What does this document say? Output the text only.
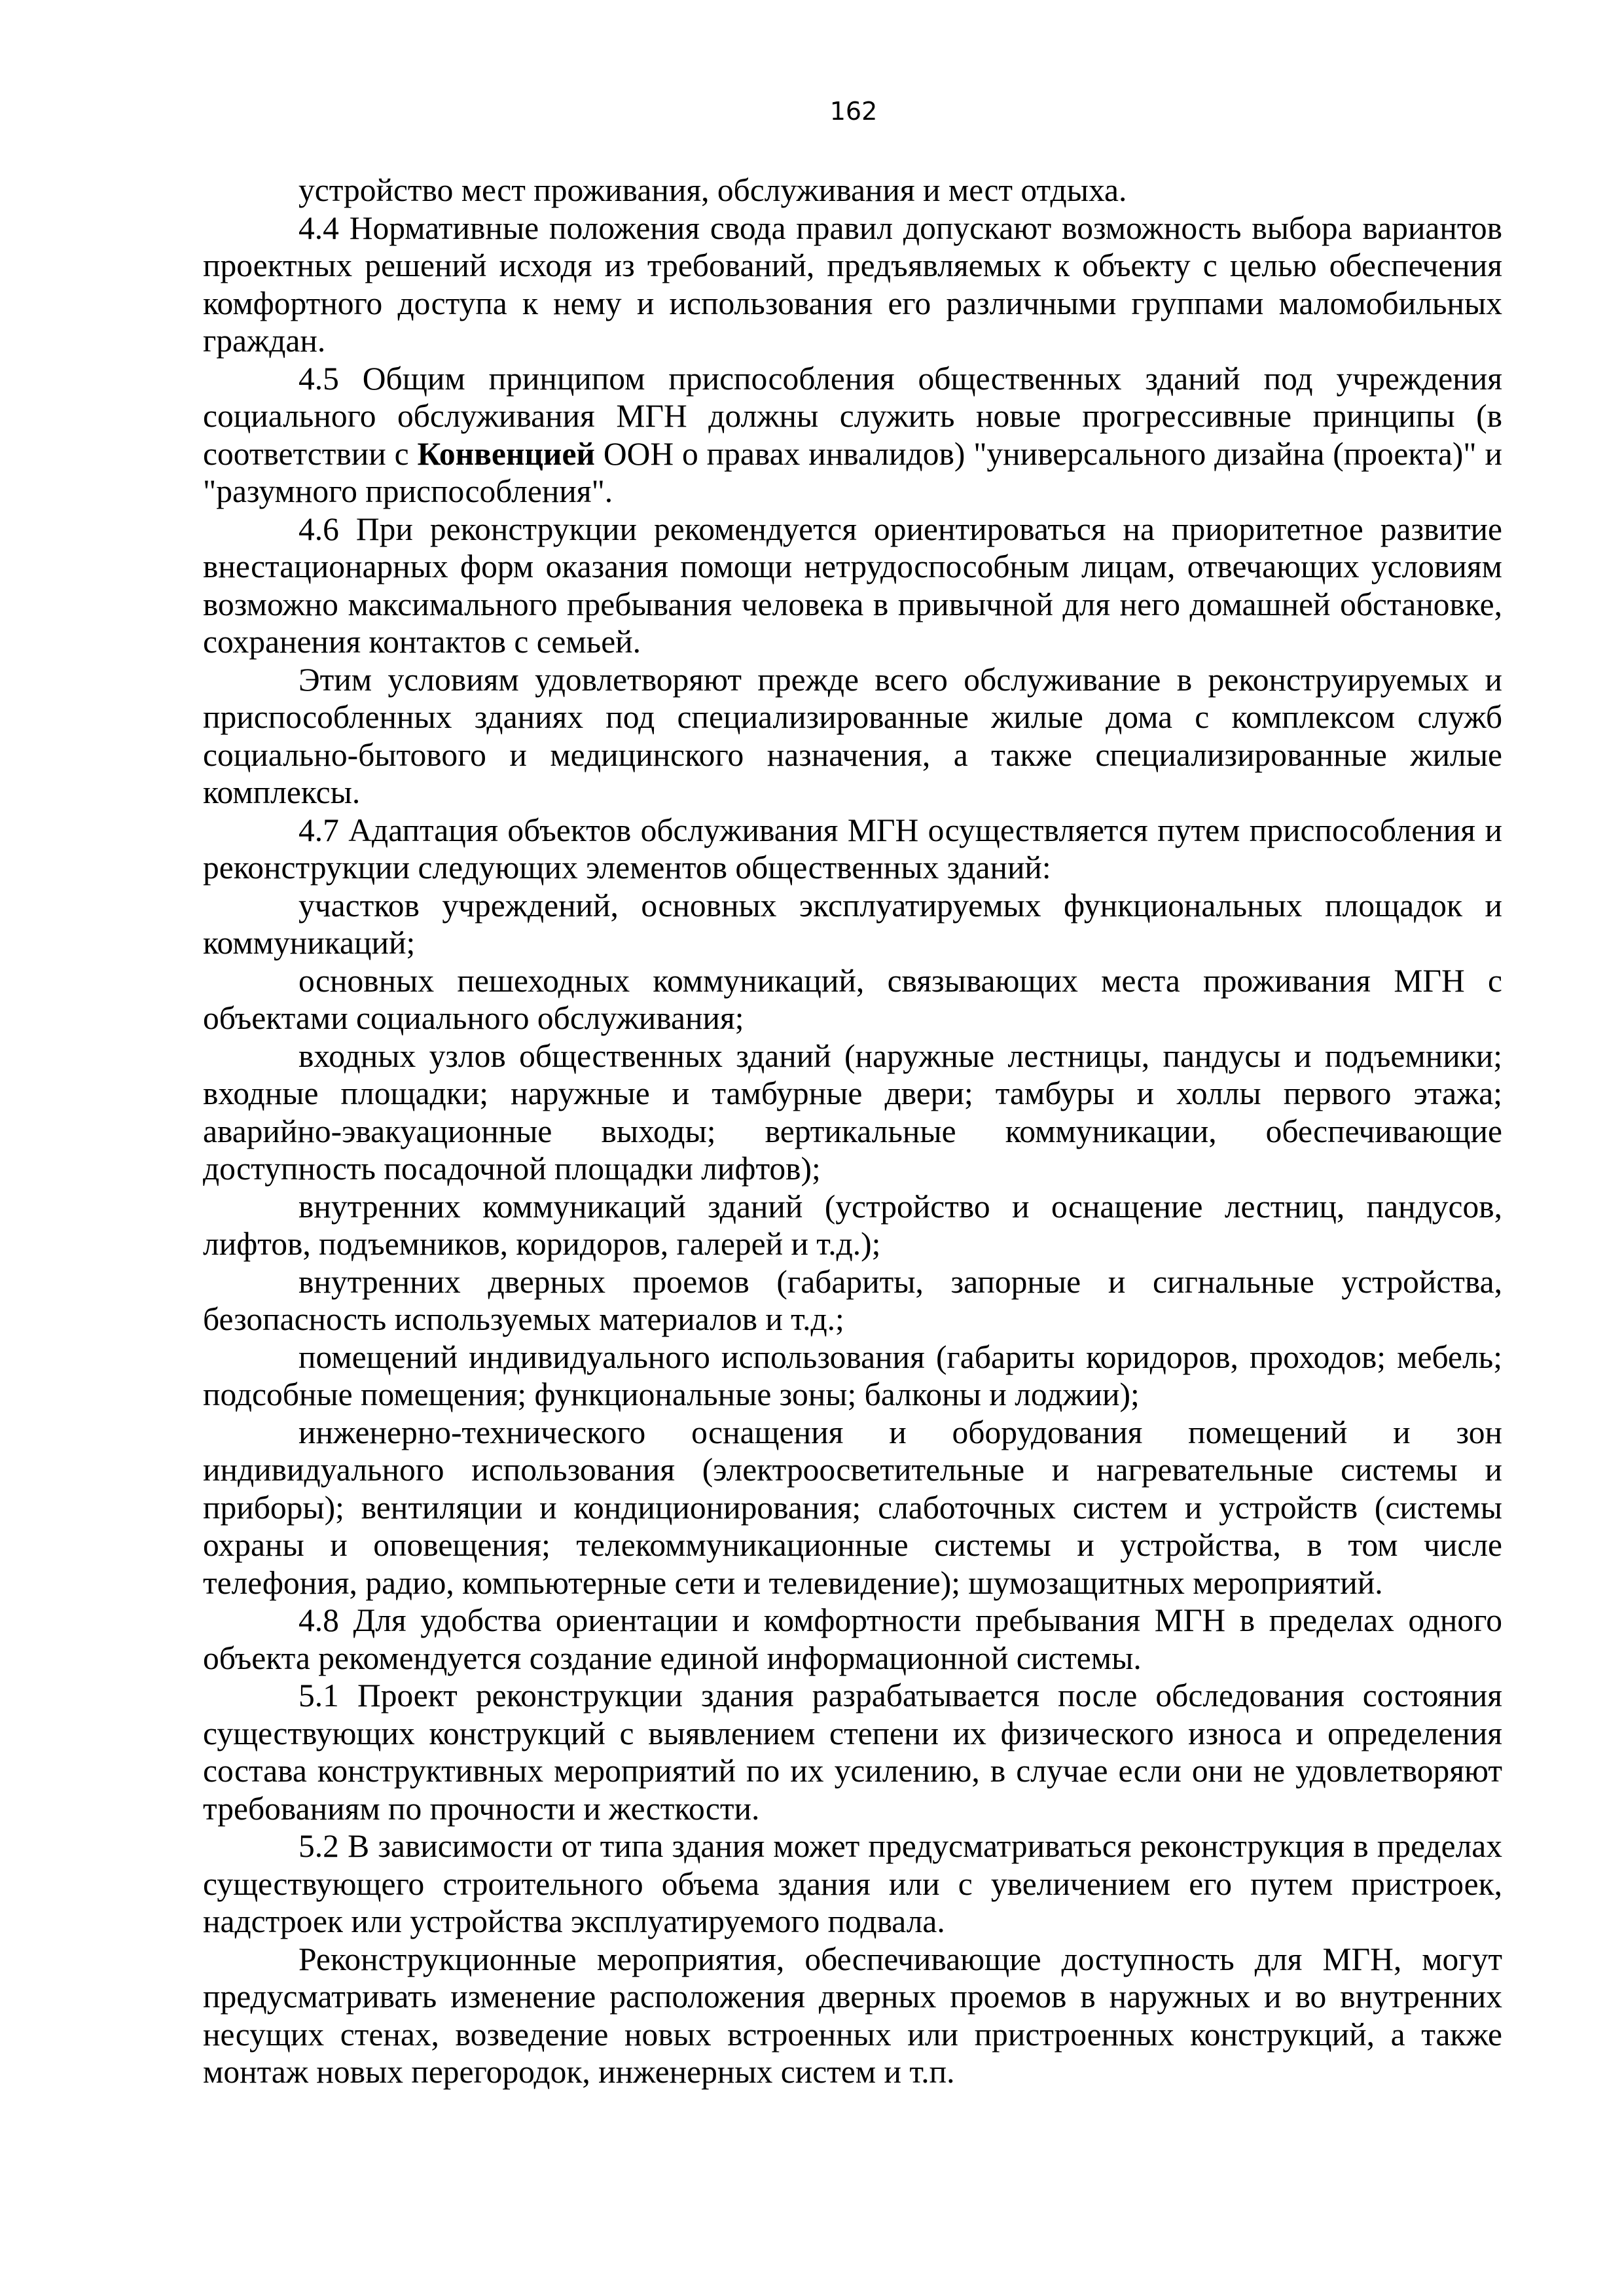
162

устройство мест проживания, обслуживания и мест отдыха.

4.4 Нормативные положения свода правил допускают возможность выбора вариантов проектных решений исходя из требований, предъявляемых к объекту с целью обеспечения комфортного доступа к нему и использования его различными группами маломобильных граждан.

4.5 Общим принципом приспособления общественных зданий под учреждения социального обслуживания МГН должны служить новые прогрессивные принципы (в соответствии с Конвенцией ООН о правах инвалидов) "универсального дизайна (проекта)" и "разумного приспособления".

4.6 При реконструкции рекомендуется ориентироваться на приоритетное развитие внестационарных форм оказания помощи нетрудоспособным лицам, отвечающих условиям возможно максимального пребывания человека в привычной для него домашней обстановке, сохранения контактов с семьей.

Этим условиям удовлетворяют прежде всего обслуживание в реконструируемых и приспособленных зданиях под специализированные жилые дома с комплексом служб социально-бытового и медицинского назначения, а также специализированные жилые комплексы.

4.7 Адаптация объектов обслуживания МГН осуществляется путем приспособления и реконструкции следующих элементов общественных зданий:

участков учреждений, основных эксплуатируемых функциональных площадок и коммуникаций;

основных пешеходных коммуникаций, связывающих места проживания МГН с объектами социального обслуживания;

входных узлов общественных зданий (наружные лестницы, пандусы и подъемники; входные площадки; наружные и тамбурные двери; тамбуры и холлы первого этажа; аварийно-эвакуационные выходы; вертикальные коммуникации, обеспечивающие доступность посадочной площадки лифтов);

внутренних коммуникаций зданий (устройство и оснащение лестниц, пандусов, лифтов, подъемников, коридоров, галерей и т.д.);

внутренних дверных проемов (габариты, запорные и сигнальные устройства, безопасность используемых материалов и т.д.;

помещений индивидуального использования (габариты коридоров, проходов; мебель; подсобные помещения; функциональные зоны; балконы и лоджии);

инженерно-технического оснащения и оборудования помещений и зон индивидуального использования (электроосветительные и нагревательные системы и приборы); вентиляции и кондиционирования; слаботочных систем и устройств (системы охраны и оповещения; телекоммуникационные системы и устройства, в том числе телефония, радио, компьютерные сети и телевидение); шумозащитных мероприятий.

4.8 Для удобства ориентации и комфортности пребывания МГН в пределах одного объекта рекомендуется создание единой информационной системы.

5.1 Проект реконструкции здания разрабатывается после обследования состояния существующих конструкций с выявлением степени их физического износа и определения состава конструктивных мероприятий по их усилению, в случае если они не удовлетворяют требованиям по прочности и жесткости.

5.2 В зависимости от типа здания может предусматриваться реконструкция в пределах существующего строительного объема здания или с увеличением его путем пристроек, надстроек или устройства эксплуатируемого подвала.

Реконструкционные мероприятия, обеспечивающие доступность для МГН, могут предусматривать изменение расположения дверных проемов в наружных и во внутренних несущих стенах, возведение новых встроенных или пристроенных конструкций, а также монтаж новых перегородок, инженерных систем и т.п.
